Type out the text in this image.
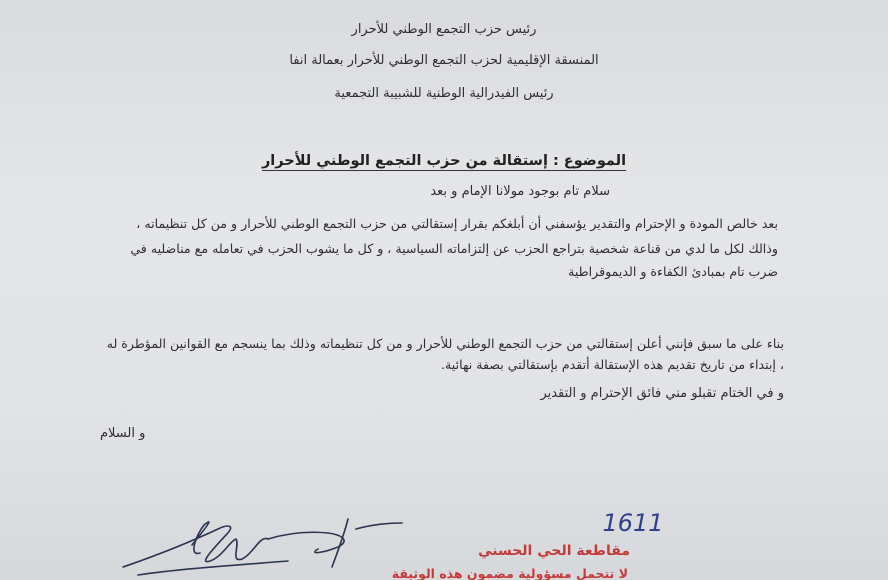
رئيس حزب التجمع الوطني للأحرار
المنسقة الإقليمية لحزب التجمع الوطني للأحرار بعمالة انفا
رئيس الفيدرالية الوطنية للشبيبة التجمعية
الموضوع : إستقالة من حزب التجمع الوطني للأحرار
سلام تام بوجود مولانا الإمام و بعد
بعد خالص المودة و الإحترام والتقدير يؤسفني أن أبلغكم بقرار إستقالتي من حزب التجمع الوطني للأحرار و من كل تنظيماته ،
وذالك لكل ما لدي من قناعة شخصية بتراجع الحزب عن إلتزاماته السياسية ، و كل ما يشوب الحزب في تعامله مع مناضليه في
ضرب تام بمبادئ الكفاءة و الديموقراطية
بناء على ما سبق فإنني أعلن إستقالتي من حزب التجمع الوطني للأحرار و من كل تنظيماته وذلك بما ينسجم مع القوانين المؤطرة له
، إبتداء من تاريخ تقديم هذه الإستقالة أتقدم بإستقالتي بصفة نهائية.
و في الختام تقبلو مني فائق الإحترام و التقدير
و السلام
1611
مقاطعة الحي الحسني
لا تتحمل مسؤولية مضمون هذه الوثيقة
